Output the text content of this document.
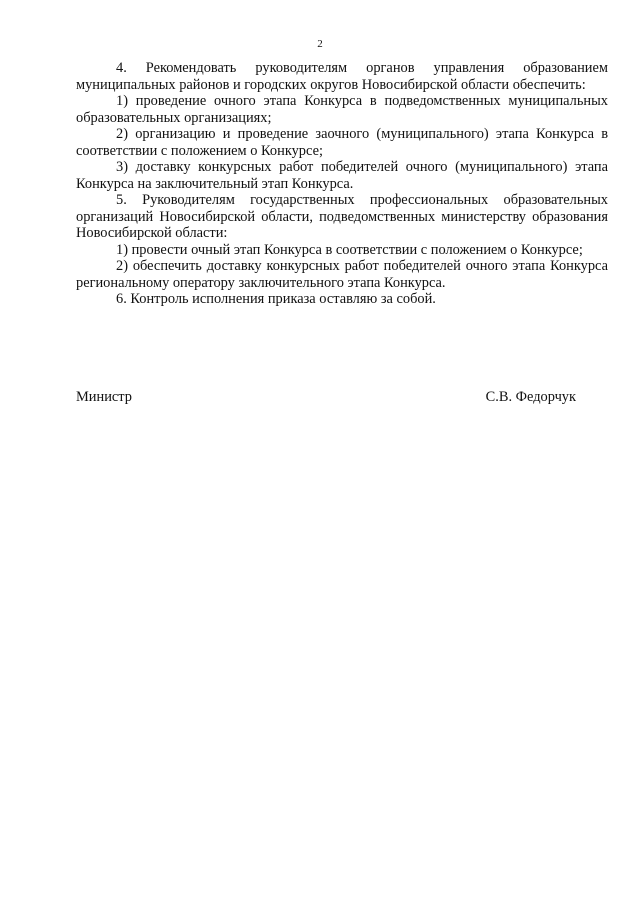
2

4. Рекомендовать руководителям органов управления образованием муниципальных районов и городских округов Новосибирской области обеспечить:

1) проведение очного этапа Конкурса в подведомственных муниципальных образовательных организациях;

2) организацию и проведение заочного (муниципального) этапа Конкурса в соответствии с положением о Конкурсе;

3) доставку конкурсных работ победителей очного (муниципального) этапа Конкурса на заключительный этап Конкурса.

5. Руководителям государственных профессиональных образовательных организаций Новосибирской области, подведомственных министерству образования Новосибирской области:

1) провести очный этап Конкурса в соответствии с положением о Конкурсе;

2) обеспечить доставку конкурсных работ победителей очного этапа Конкурса региональному оператору заключительного этапа Конкурса.

6. Контроль исполнения приказа оставляю за собой.

Министр	С.В. Федорчук
